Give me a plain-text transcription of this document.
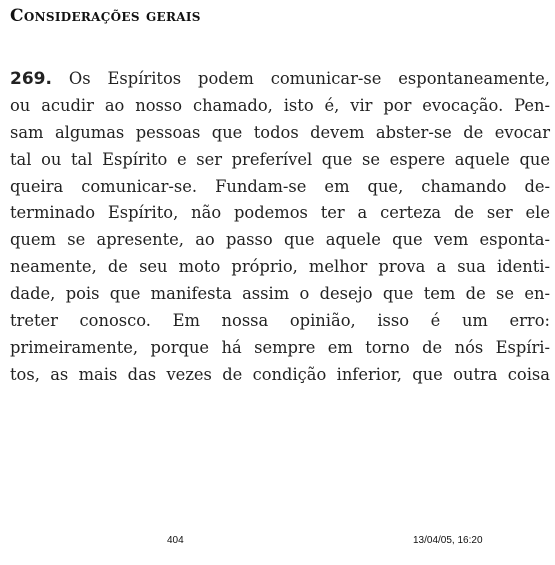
Considerações gerais
269. Os Espíritos podem comunicar-se espontaneamente,
ou acudir ao nosso chamado, isto é, vir por evocação. Pen-
sam algumas pessoas que todos devem abster-se de evocar
tal ou tal Espírito e ser preferível que se espere aquele que
queira comunicar-se. Fundam-se em que, chamando de-
terminado Espírito, não podemos ter a certeza de ser ele
quem se apresente, ao passo que aquele que vem esponta-
neamente, de seu moto próprio, melhor prova a sua identi-
dade, pois que manifesta assim o desejo que tem de se en-
treter conosco. Em nossa opinião, isso é um erro:
primeiramente, porque há sempre em torno de nós Espíri-
tos, as mais das vezes de condição inferior, que outra coisa
404	13/04/05, 16:20
